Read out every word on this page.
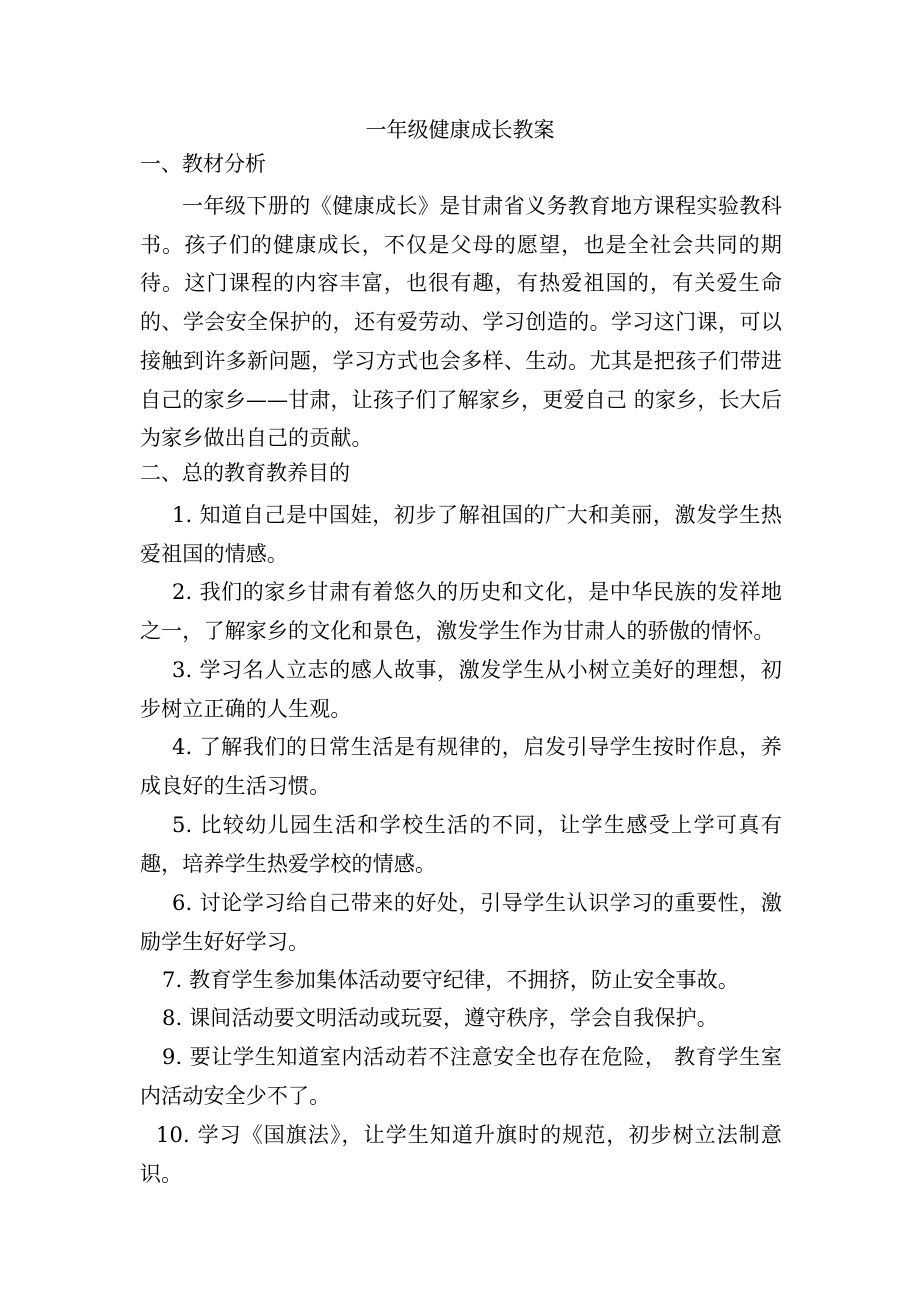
一年级健康成长教案
一、教材分析

一年级下册的《健康成长》是甘肃省义务教育地方课程实验教科书。孩子们的健康成长，不仅是父母的愿望，也是全社会共同的期待。这门课程的内容丰富，也很有趣，有热爱祖国的，有关爱生命的、学会安全保护的，还有爱劳动、学习创造的。学习这门课，可以接触到许多新问题，学习方式也会多样、生动。尤其是把孩子们带进自己的家乡——甘肃，让孩子们了解家乡，更爱自己 的家乡，长大后为家乡做出自己的贡献。

二、总的教育教养目的

1. 知道自己是中国娃，初步了解祖国的广大和美丽，激发学生热爱祖国的情感。

2. 我们的家乡甘肃有着悠久的历史和文化，是中华民族的发祥地之一，了解家乡的文化和景色，激发学生作为甘肃人的骄傲的情怀。

3. 学习名人立志的感人故事，激发学生从小树立美好的理想，初步树立正确的人生观。

4. 了解我们的日常生活是有规律的，启发引导学生按时作息，养成良好的生活习惯。

5. 比较幼儿园生活和学校生活的不同，让学生感受上学可真有趣，培养学生热爱学校的情感。

6. 讨论学习给自己带来的好处，引导学生认识学习的重要性，激励学生好好学习。

7. 教育学生参加集体活动要守纪律，不拥挤，防止安全事故。

8. 课间活动要文明活动或玩耍，遵守秩序，学会自我保护。

9. 要让学生知道室内活动若不注意安全也存在危险， 教育学生室内活动安全少不了。

10. 学习《国旗法》，让学生知道升旗时的规范，初步树立法制意识。
